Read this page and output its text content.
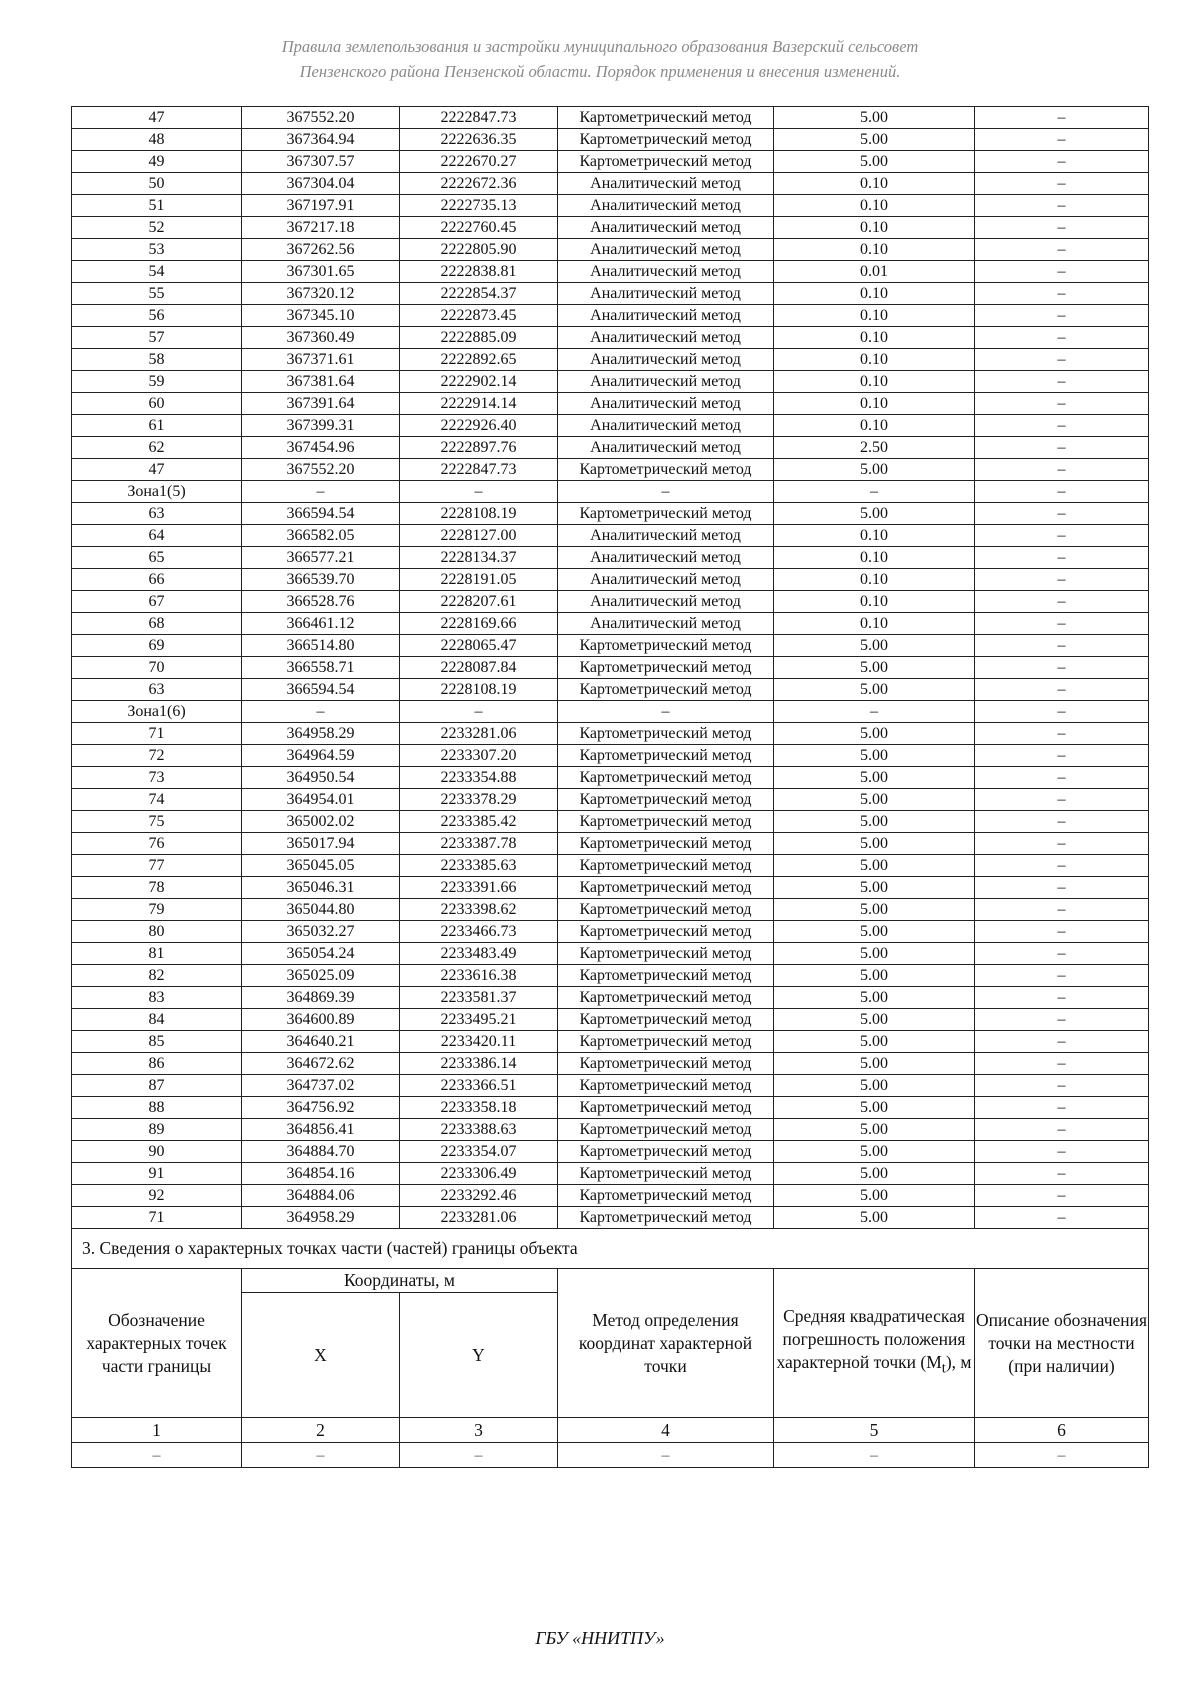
Правила землепользования и застройки муниципального образования Вазерский сельсовет
Пензенского района Пензенской области. Порядок применения и внесения изменений.
47	367552.20	2222847.73	Картометрический метод	5.00	–
48	367364.94	2222636.35	Картометрический метод	5.00	–
49	367307.57	2222670.27	Картометрический метод	5.00	–
50	367304.04	2222672.36	Аналитический метод	0.10	–
51	367197.91	2222735.13	Аналитический метод	0.10	–
52	367217.18	2222760.45	Аналитический метод	0.10	–
53	367262.56	2222805.90	Аналитический метод	0.10	–
54	367301.65	2222838.81	Аналитический метод	0.01	–
55	367320.12	2222854.37	Аналитический метод	0.10	–
56	367345.10	2222873.45	Аналитический метод	0.10	–
57	367360.49	2222885.09	Аналитический метод	0.10	–
58	367371.61	2222892.65	Аналитический метод	0.10	–
59	367381.64	2222902.14	Аналитический метод	0.10	–
60	367391.64	2222914.14	Аналитический метод	0.10	–
61	367399.31	2222926.40	Аналитический метод	0.10	–
62	367454.96	2222897.76	Аналитический метод	2.50	–
47	367552.20	2222847.73	Картометрический метод	5.00	–
Зона1(5)	–	–	–	–	–
63	366594.54	2228108.19	Картометрический метод	5.00	–
64	366582.05	2228127.00	Аналитический метод	0.10	–
65	366577.21	2228134.37	Аналитический метод	0.10	–
66	366539.70	2228191.05	Аналитический метод	0.10	–
67	366528.76	2228207.61	Аналитический метод	0.10	–
68	366461.12	2228169.66	Аналитический метод	0.10	–
69	366514.80	2228065.47	Картометрический метод	5.00	–
70	366558.71	2228087.84	Картометрический метод	5.00	–
63	366594.54	2228108.19	Картометрический метод	5.00	–
Зона1(6)	–	–	–	–	–
71	364958.29	2233281.06	Картометрический метод	5.00	–
72	364964.59	2233307.20	Картометрический метод	5.00	–
73	364950.54	2233354.88	Картометрический метод	5.00	–
74	364954.01	2233378.29	Картометрический метод	5.00	–
75	365002.02	2233385.42	Картометрический метод	5.00	–
76	365017.94	2233387.78	Картометрический метод	5.00	–
77	365045.05	2233385.63	Картометрический метод	5.00	–
78	365046.31	2233391.66	Картометрический метод	5.00	–
79	365044.80	2233398.62	Картометрический метод	5.00	–
80	365032.27	2233466.73	Картометрический метод	5.00	–
81	365054.24	2233483.49	Картометрический метод	5.00	–
82	365025.09	2233616.38	Картометрический метод	5.00	–
83	364869.39	2233581.37	Картометрический метод	5.00	–
84	364600.89	2233495.21	Картометрический метод	5.00	–
85	364640.21	2233420.11	Картометрический метод	5.00	–
86	364672.62	2233386.14	Картометрический метод	5.00	–
87	364737.02	2233366.51	Картометрический метод	5.00	–
88	364756.92	2233358.18	Картометрический метод	5.00	–
89	364856.41	2233388.63	Картометрический метод	5.00	–
90	364884.70	2233354.07	Картометрический метод	5.00	–
91	364854.16	2233306.49	Картометрический метод	5.00	–
92	364884.06	2233292.46	Картометрический метод	5.00	–
71	364958.29	2233281.06	Картометрический метод	5.00	–
3. Сведения о характерных точках части (частей) границы объекта					
Обозначение характерных точек части границы	Координаты, м		Метод определения координат характерной точки	Средняя квадратическая погрешность положения характерной точки $(M_t)$, м	Описание обозначения точки на местности (при наличии)
	X	Y			
1	2	3	4	5	6
–	–	–	–	–	–
ГБУ «ННИТПУ»
